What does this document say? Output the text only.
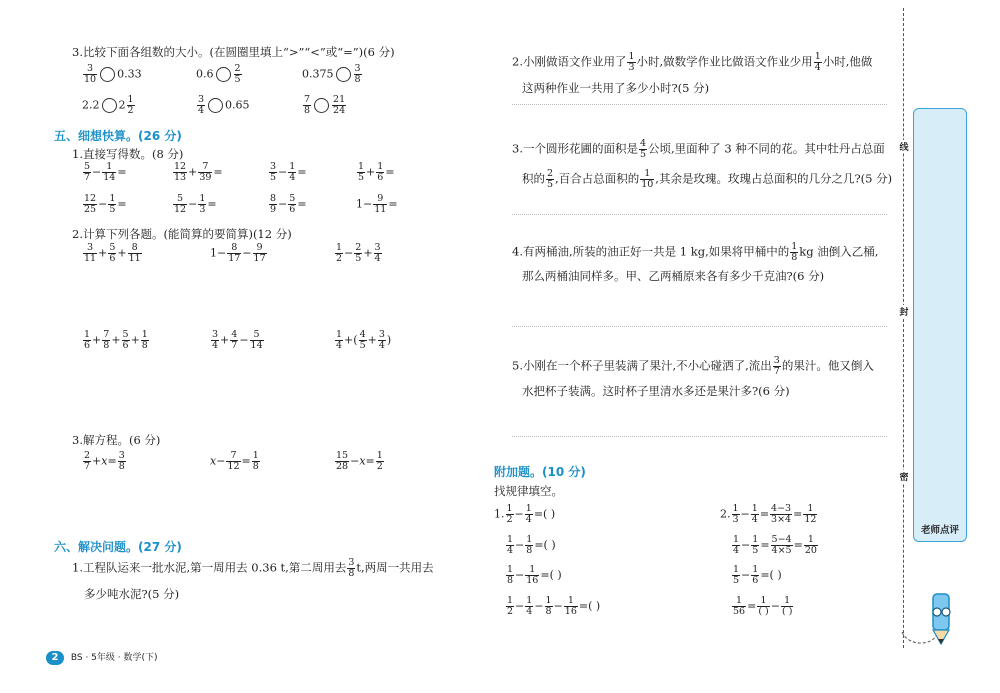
3.比较下面各组数的大小。(在圆圈里填上“>”“<”或“=”)(6 分)
$\frac{3}{10} 0.33$	$0.6 \frac{2}{5}$	$0.375 \frac{3}{8}$
2.2 $2 \frac{1}{2}$	$\frac{3}{4} 0.65$	$\frac{7}{8} \frac{21}{24}$
五、细想快算。(26 分)
1.直接写得数。(8 分)
$\frac{5}{7} - \frac{1}{14}$ =	$\frac{12}{13} + \frac{7}{39}$ =	$\frac{3}{5} - \frac{1}{4}$ =	$\frac{1}{5} + \frac{1}{6}$ =
$\frac{12}{25} - \frac{1}{5}$ =	$\frac{5}{12} - \frac{1}{3}$ =	$\frac{8}{9} - \frac{5}{6}$ =	$1- \frac{9}{11}$ =
2.计算下列各题。(能简算的要简算)(12 分)
$\frac{3}{11} + \frac{5}{6} + \frac{8}{11}$	$1- \frac{8}{17} - \frac{9}{17}$	$\frac{1}{2} - \frac{2}{5} + \frac{3}{4}$
$\frac{1}{6} + \frac{7}{8} + \frac{5}{6} + \frac{1}{8}$	$\frac{3}{4} + \frac{4}{7} - \frac{5}{14}$	$\frac{1}{4}$ +( $\frac{4}{5} + \frac{3}{4}$ )
3.解方程。(6 分)
$\frac{2}{7} +x= \frac{3}{8}$	$x- \frac{7}{12} = \frac{1}{8}$	$\frac{15}{28} -x= \frac{1}{2}$
六、解决问题。(27 分)
1.工程队运来一批水泥,第一周用去 0.36 t,第二周用去 $\frac{3}{8} t$,两周一共用去
多少吨水泥?(5 分)
2.小刚做语文作业用了 $\frac{1}{3}$ 小时,做数学作业比做语文作业少用 $\frac{1}{4}$ 小时,他做
这两种作业一共用了多少小时?(5 分)
3.一个圆形花圃的面积是 $\frac{4}{5}$ 公顷,里面种了 3 种不同的花。其中牡丹占总面
积的 $\frac{2}{5}$ ,百合占总面积的 $\frac{1}{10}$ ,其余是玫瑰。玫瑰占总面积的几分之几?(5 分)
4.有两桶油,所装的油正好一共是 1 kg,如果将甲桶中的 $\frac{1}{8}$ kg 油倒入乙桶,
那么两桶油同样多。甲、乙两桶原来各有多少千克油?(6 分)
5.小刚在一个杯子里装满了果汁,不小心碰洒了,流出 $\frac{3}{7}$ 的果汁。他又倒入
水把杯子装满。这时杯子里清水多还是果汁多?(6 分)
附加题。(10 分)
找规律填空。
1. $\frac{1}{2} - \frac{1}{4}$ =( )
$\frac{1}{4} - \frac{1}{8}$ =( )
$\frac{1}{8} - \frac{1}{16}$ =( )
$\frac{1}{2} - \frac{1}{4} - \frac{1}{8} - \frac{1}{16}$ =( )
2. $\frac{1}{3} - \frac{1}{4} = \frac{4-3}{3\times 4} = \frac{1}{12}$
$\frac{1}{4} - \frac{1}{5} = \frac{5-4}{4\times 5} = \frac{1}{20}$
$\frac{1}{5} - \frac{1}{6}$ =( )
$\frac{1}{56} = \frac{1}{( )} - \frac{1}{( )}$
线
封
密
老师点评
2 BS · 5年级 · 数学(下)
